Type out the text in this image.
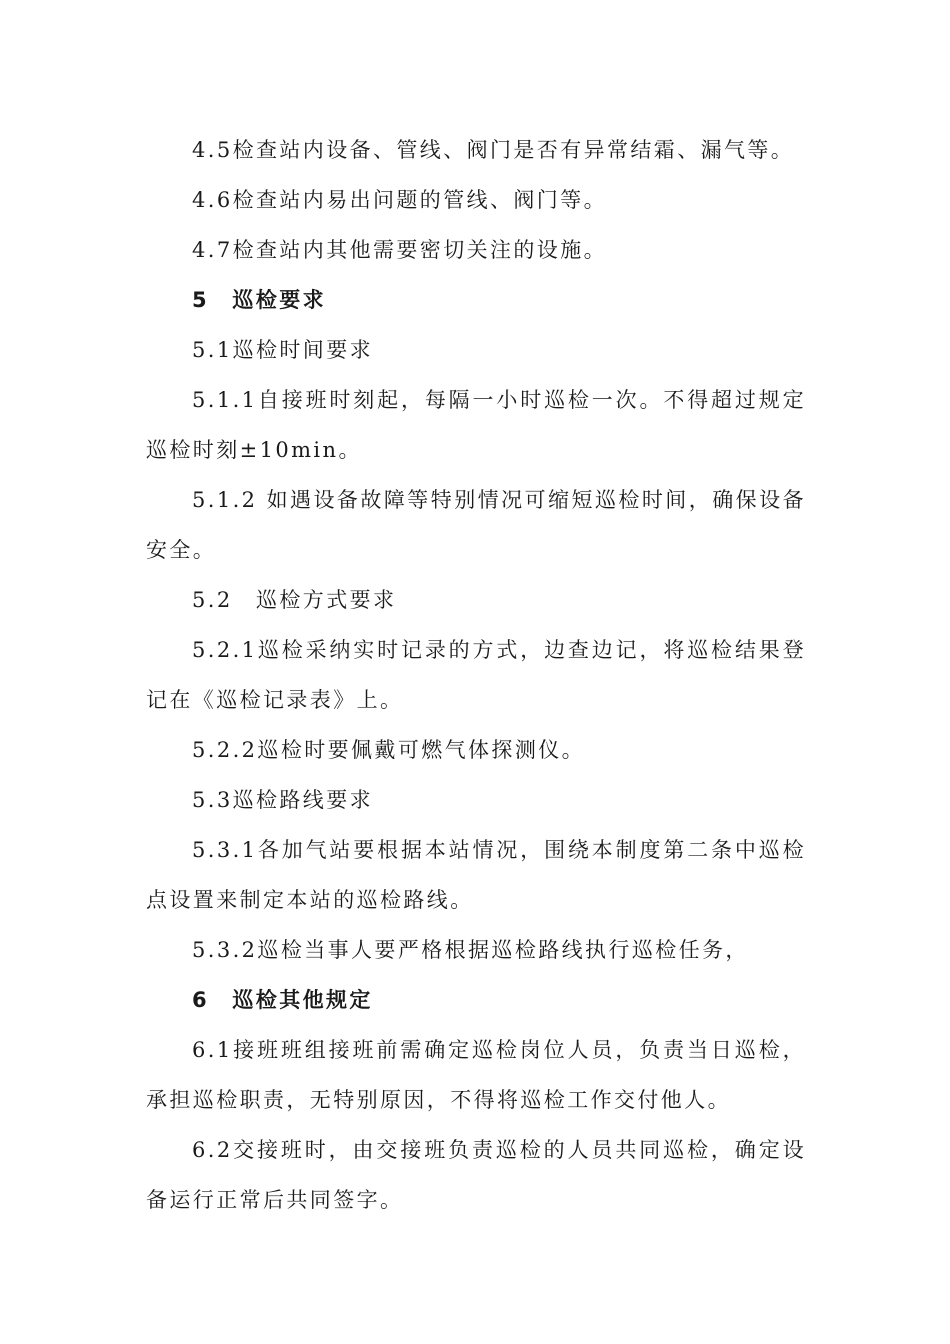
4.5检查站内设备、管线、阀门是否有异常结霜、漏气等。

4.6检查站内易出问题的管线、阀门等。

4.7检查站内其他需要密切关注的设施。

5　巡检要求

5.1巡检时间要求

5.1.1自接班时刻起，每隔一小时巡检一次。不得超过规定巡检时刻±10min。

5.1.2 如遇设备故障等特别情况可缩短巡检时间，确保设备安全。

5.2　巡检方式要求

5.2.1巡检采纳实时记录的方式，边查边记，将巡检结果登记在《巡检记录表》上。

5.2.2巡检时要佩戴可燃气体探测仪。

5.3巡检路线要求

5.3.1各加气站要根据本站情况，围绕本制度第二条中巡检点设置来制定本站的巡检路线。

5.3.2巡检当事人要严格根据巡检路线执行巡检任务，

6　巡检其他规定

6.1接班班组接班前需确定巡检岗位人员，负责当日巡检，承担巡检职责，无特别原因，不得将巡检工作交付他人。

6.2交接班时，由交接班负责巡检的人员共同巡检，确定设备运行正常后共同签字。
